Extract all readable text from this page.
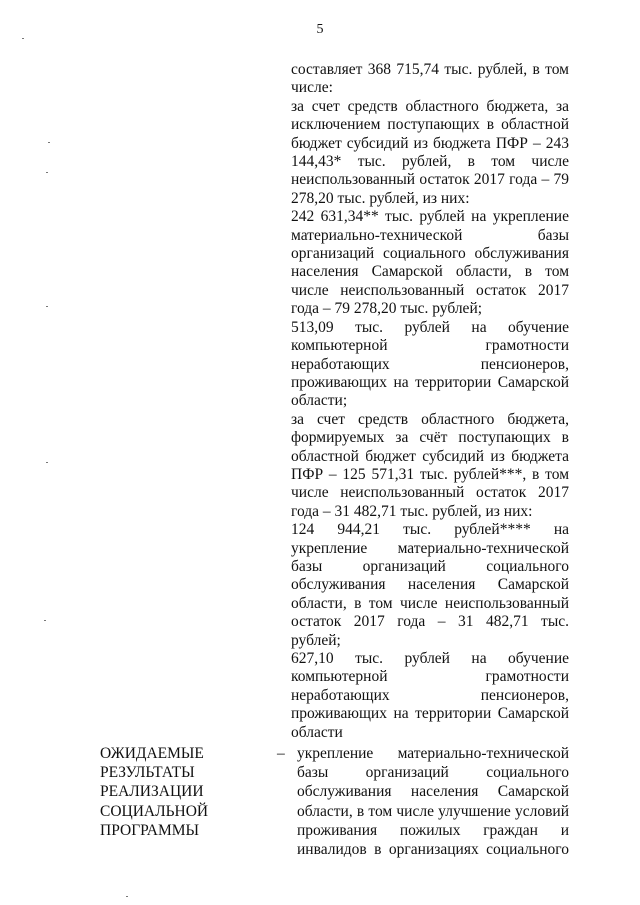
5
составляет 368 715,74 тыс. рублей, в том числе:
за счет средств областного бюджета, за исключением поступающих в областной бюджет субсидий из бюджета ПФР – 243 144,43* тыс. рублей, в том числе неиспользованный остаток 2017 года – 79 278,20 тыс. рублей, из них:
242 631,34** тыс. рублей на укрепление материально-технической базы организаций социального обслуживания населения Самарской области, в том числе неиспользованный остаток 2017 года – 79 278,20 тыс. рублей;
513,09 тыс. рублей на обучение компьютерной грамотности неработающих пенсионеров, проживающих на территории Самарской области;
за счет средств областного бюджета, формируемых за счёт поступающих в областной бюджет субсидий из бюджета ПФР – 125 571,31 тыс. рублей***, в том числе неиспользованный остаток 2017 года – 31 482,71 тыс. рублей, из них:
124 944,21 тыс. рублей**** на укрепление материально-технической базы организаций социального обслуживания населения Самарской области, в том числе неиспользованный остаток 2017 года – 31 482,71 тыс. рублей;
627,10 тыс. рублей на обучение компьютерной грамотности неработающих пенсионеров, проживающих на территории Самарской области
ОЖИДАЕМЫЕ РЕЗУЛЬТАТЫ РЕАЛИЗАЦИИ СОЦИАЛЬНОЙ ПРОГРАММЫ
– укрепление материально-технической базы организаций социального обслуживания населения Самарской области, в том числе улучшение условий проживания пожилых граждан и инвалидов в организациях социального
